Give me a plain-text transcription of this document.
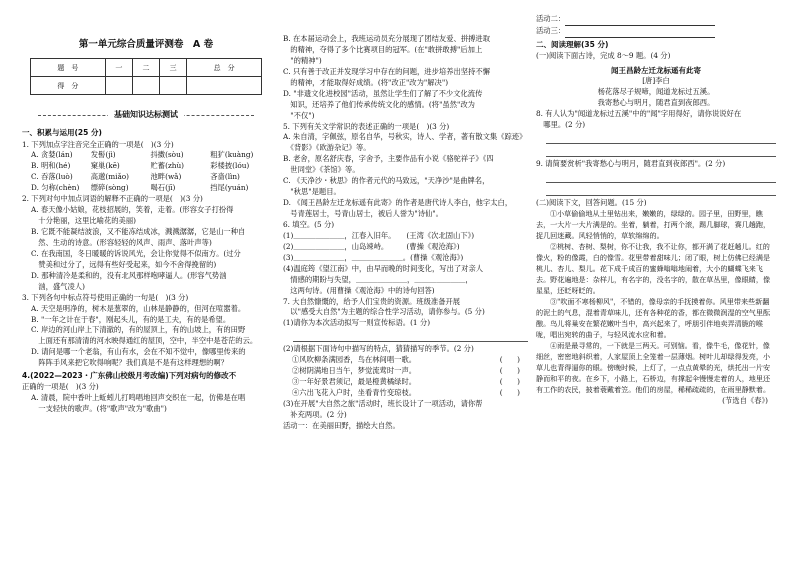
第一单元综合质量评测卷　A 卷
题　号	一	二	三	总　分
得　分				
基础知识达标测试

一、积累与运用(25 分)

1. 下列加点字注音完全正确的一项是(　)(3 分)

A. 贪婪(lán)	发髻(jì)	抖擞(sòu)	粗犷(kuàng)
B. 明和(hé)	窠巢(kē)	贮蓄(zhù)	彩楼披(lóu)
C. 吞落(luò)	高邈(miǎo)	池畔(wǎ)	吝啬(lìn)
D. 匀称(chèn)	缥碎(sòng)	喝石(jī)	挡尾(yuán)

2. 下列对句中加点词语的解释不正确的一项是(　)(3 分)

A. 春天像小姑娘，花枝招展的，笑着，走着。(形容女子打扮得

　十分艳丽，这里比喻花的美丽)

B. 它既不能凝结波浪，又不能冻结成冰，溅溅潺潺，它是山一种自

　然、生动的诗意。(形容轻轻的风声、雨声、落叶声等)

C. 在我南国，冬日暖暖的诉说风光，会让你觉得不似南方。(过分

　赞美和过分了，远得有些好受起来，如今不舍得挽留的)

D. 那种清冷是柔和的，没有北风那样咆哮逼人。(形容气势汹

　汹，盛气凌人)

3. 下列各句中标点符号使用正确的一句是(　)(3 分)

A. 天空是明净的，树木是葱翠的，山林是静静的，但河在喧嚣着。

B. "一年之计在于春"，刚起头儿，有的是工夫，有的是希望。

C. 岸边的河山岸上下清澈的，有的屋顶上，有的山坡上，有的田野

　上面还有那清清的河水映得通红的屋顶，空中，半空中是苍茫的云。

D. 请问是哪一个老翁，有山有水，会在不知不觉中，像哪里传来的

　阵阵手风来把它吹得响呢？我们真是不是有这样理想的啊？

4.(2022—2023・广东佛山校级月考改编)下列对病句的修改不

正确的一项是(　)(3 分)

A. 清晨，院中香叶上蚯蚓儿打鸣唱地回声交织在一起，仿佛是在唱

　一支轻快的歌声。(将"歌声"改为"歌曲")

B. 在本届运动会上，我班运动员充分展现了团结友爱、拼搏进取

　的精神，夺得了多个比赛项目的冠军。(在"敢拼敢搏"后加上

　"的精神")

C. 只有善于改正并发现学习中存在的问题，进步培养出坚持不懈

　的精神，才能取得好成绩。(将"改正"改为"解决")

D. "非遗文化进校园"活动，虽然让学生们了解了不少文化流传

　知识，还培养了他们传承传统文化的感情。(将"虽然"改为

　"不仅")

5. 下列有关文学常识的表述正确的一项是(　)(3 分)

A. 朱自清，字佩弦，原名自华，号秋实，诗人、学者，著有散文集《踪迹》

　《背影》《欧游杂记》等。

B. 老舍，原名舒庆春，字舍予，主要作品有小说《骆驼祥子》《四

　世同堂》《茶馆》等。

C. 《天净沙・秋思》的作者元代的马致远，"天净沙"是曲牌名，

　"秋思"是题目。

D. 《闻王昌龄左迁龙标遥有此寄》的作者是唐代诗人李白，他字太白，

　号青莲居士，号青山居士，被后人誉为"诗仙"。

6. 填空。(5 分)

(1)＿＿＿＿＿＿＿，江春入旧年。　　(王湾《次北固山下》)

(2)＿＿＿＿＿＿＿，山岛竦峙。　　　(曹操《观沧海》)

(3)＿＿＿＿＿＿＿，＿＿＿＿＿＿＿。(曹操《观沧海》)

(4)温庭筠《望江南》中，由早而晚的时间变化，写出了对亲人

　情感的期盼与失望，＿＿＿＿＿＿＿，＿＿＿＿＿＿＿，

　这两句诗。(用曹操《观沧海》中的诗句回答)

7. 大自然慷慨的，给予人们宝贵的资源。班级准备开展

　以"感受大自然"为主题的综合性学习活动，请你参与。(5 分)

(1)请你为本次活动拟写一则宣传标语。(1 分)

(2)请根据下面诗句中描写的特点，猜猜描写的季节。(2 分)

①风吹柳条满园香，鸟在林间唱一歌。	(　　)

②树阴满地日当午，梦觉流莺时一声。	(　　)

③一年好景君须记，最是橙黄橘绿时。	(　　)

④六出飞花入户时，坐看青竹变琼枝。	(　　)

(3)在开展"大自然之旅"活动时，班长设计了一项活动，请你帮

　补充两项。(2 分)

活动一：在美丽田野，描绘大自然。

活动二：

活动三：

二、阅读理解(35 分)

(一)阅读下面古诗，完成 8～9 题。(4 分)

闻王昌龄左迁龙标遥有此寄

[唐]李白

杨花落尽子规啼，闻道龙标过五溪。

我寄愁心与明月，随君直到夜郎西。

8. 有人认为"闻道龙标过五溪"中的"闻"字用得好，请你说说好在

　哪里。(2 分)

9. 请简要赏析"我寄愁心与明月，随君直到夜郎西"。(2 分)

(二)阅读下文，回答问题。(15 分)

①小草偷偷地从土里钻出来，嫩嫩的，绿绿的。园子里，田野里，瞧去，一大片一大片满是的。坐着，躺着，打两个滚，踢几脚球，赛几趟跑，捉几回迷藏。风轻悄悄的，草软绵绵的。

②桃树、杏树、梨树，你不让我，我不让你，都开满了花赶趟儿。红的像火，粉的像霞，白的像雪。花里带着甜味儿；闭了眼，树上仿佛已经满是桃儿、杏儿、梨儿。花下成千成百的蜜蜂嗡嗡地闹着，大小的蝴蝶飞来飞去。野花遍地是：杂样儿，有名字的，没名字的，散在草丛里，像眼睛，像星星，还眨呀眨的。

③"吹面不寒杨柳风"，不错的，像母亲的手抚摸着你。风里带来些新翻的泥土的气息，混着青草味儿，还有各种花的香，都在微微润湿的空气里酝酿。鸟儿将巢安在繁花嫩叶当中，高兴起来了，呼朋引伴地卖弄清脆的喉咙，唱出宛转的曲子，与轻风流水应和着。

④雨是最寻常的，一下就是三两天。可别恼。看，像牛毛，像花针，像细丝，密密地斜织着，人家屋顶上全笼着一层薄烟。树叶儿却绿得发亮，小草儿也青得逼你的眼。傍晚时候，上灯了，一点点黄晕的光，烘托出一片安静而和平的夜。在乡下，小路上，石桥边，有撑起伞慢慢走着的人，地里还有工作的农民，披着蓑戴着笠。他们的房屋，稀稀疏疏的，在雨里静默着。

(节选自《春》)
